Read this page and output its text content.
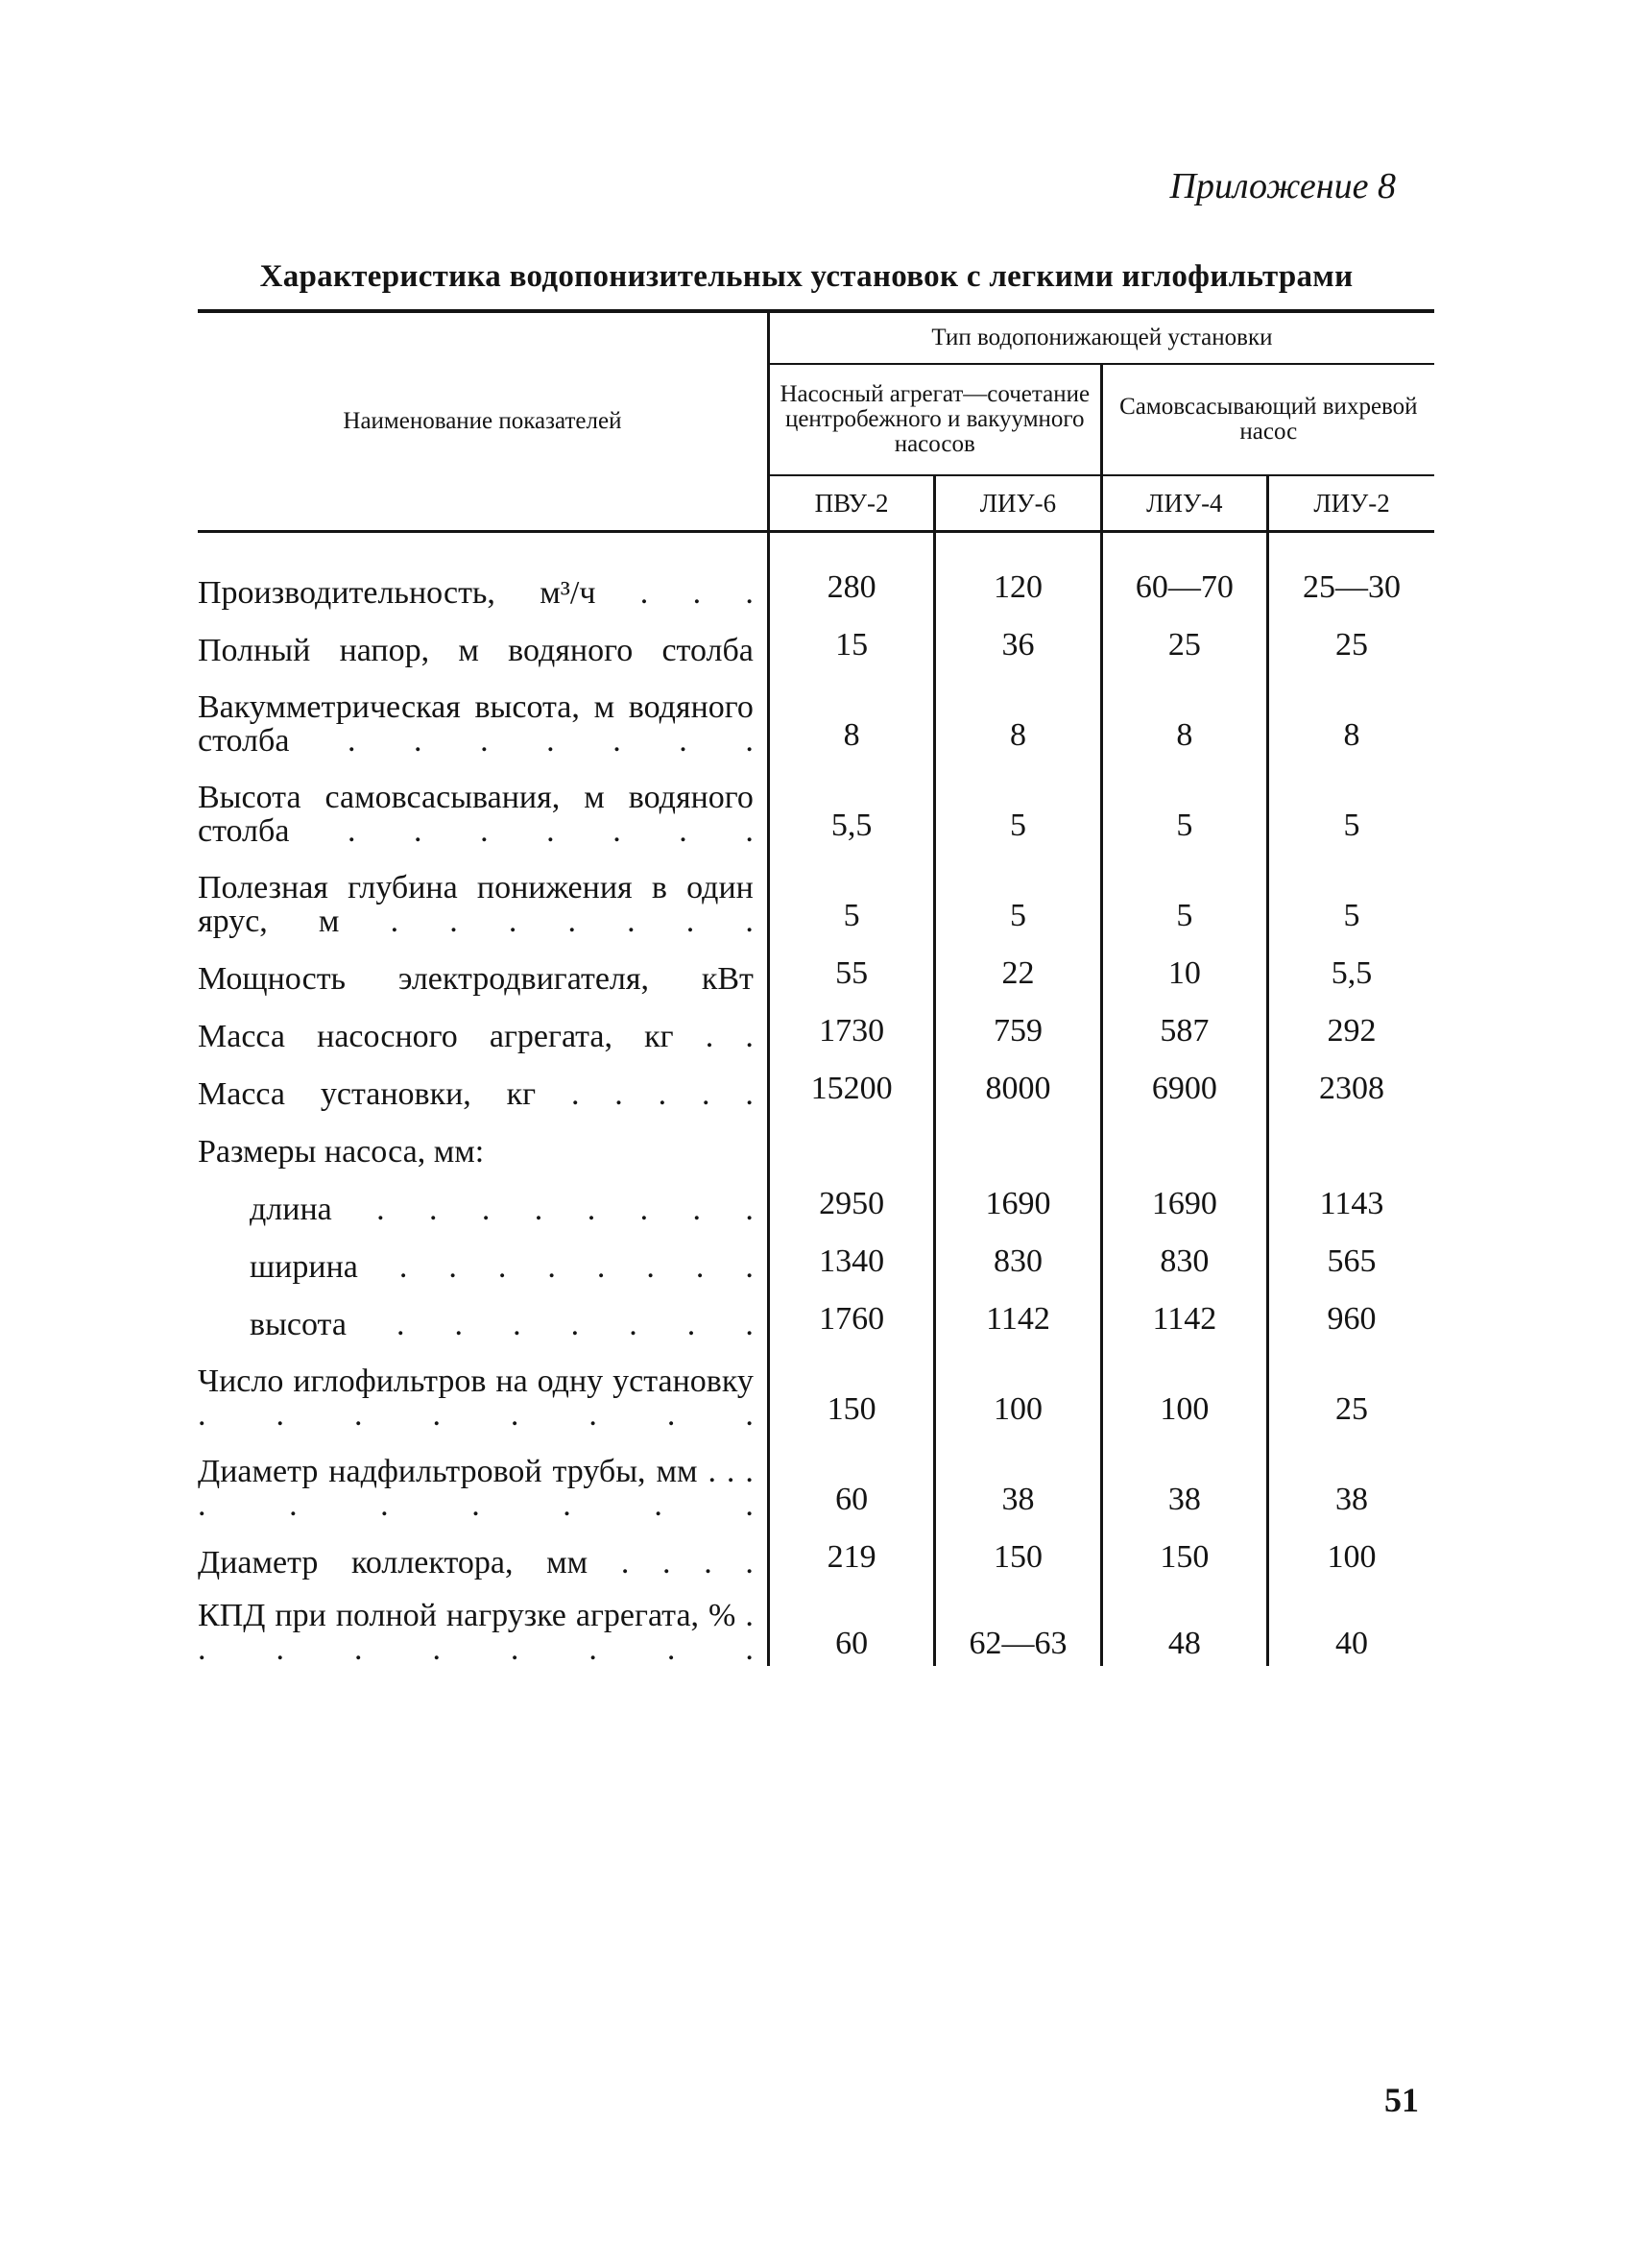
Приложение 8
Характеристика водопонизительных установок с легкими иглофильтрами
Наименование показателей	Тип водопонижающей установки			
	Насосный агрегат—сочетание центробежного и вакуумного насосов		Самовсасывающий вихревой насос	
	ПВУ-2	ЛИУ-6	ЛИУ-4	ЛИУ-2

Производительность, м³/ч . . .	280	120	60—70	25—30
Полный напор, м водяного столба	15	36	25	25
Вакумметрическая высота, м водяного столба . . . . . . .	8	8	8	8
Высота самовсасывания, м водяного столба . . . . . . .	5,5	5	5	5
Полезная глубина понижения в один ярус, м . . . . . . .	5	5	5	5
Мощность электродвигателя, кВт	55	22	10	5,5
Масса насосного агрегата, кг . .	1730	759	587	292
Масса установки, кг . . . . .	15200	8000	6900	2308
Размеры насоса, мм:				
длина . . . . . . . .	2950	1690	1690	1143
ширина . . . . . . . .	1340	830	830	565
высота . . . . . . .	1760	1142	1142	960
Число иглофильтров на одну установку . . . . . . . .	150	100	100	25
Диаметр надфильтровой трубы, мм . . . . . . . . . .	60	38	38	38
Диаметр коллектора, мм . . . .	219	150	150	100
КПД при полной нагрузке агрегата, % . . . . . . . . .	60	62—63	48	40
51
